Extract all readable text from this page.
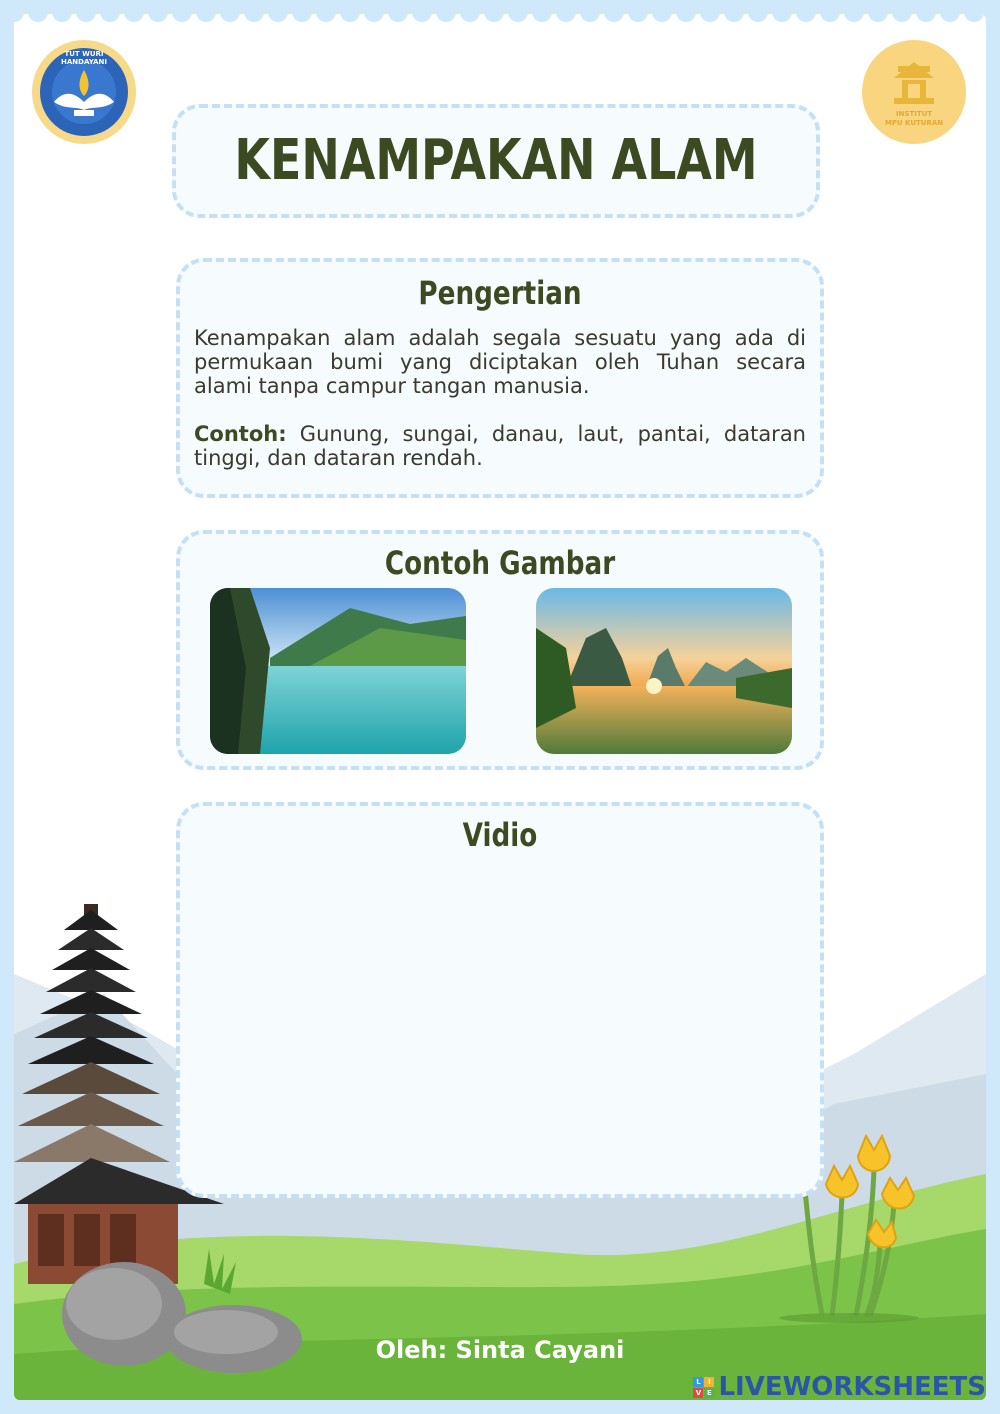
TUT WURI HANDAYANI
INSTITUT
MPU KUTURAN
KENAMPAKAN ALAM
Pengertian
Kenampakan alam adalah segala sesuatu yang ada di permukaan bumi yang diciptakan oleh Tuhan secara alami tanpa campur tangan manusia.
Contoh: Gunung, sungai, danau, laut, pantai, dataran tinggi, dan dataran rendah.
Contoh Gambar
Vidio
Oleh: Sinta Cayani
L	I
V E LIVEWORKSHEETS
